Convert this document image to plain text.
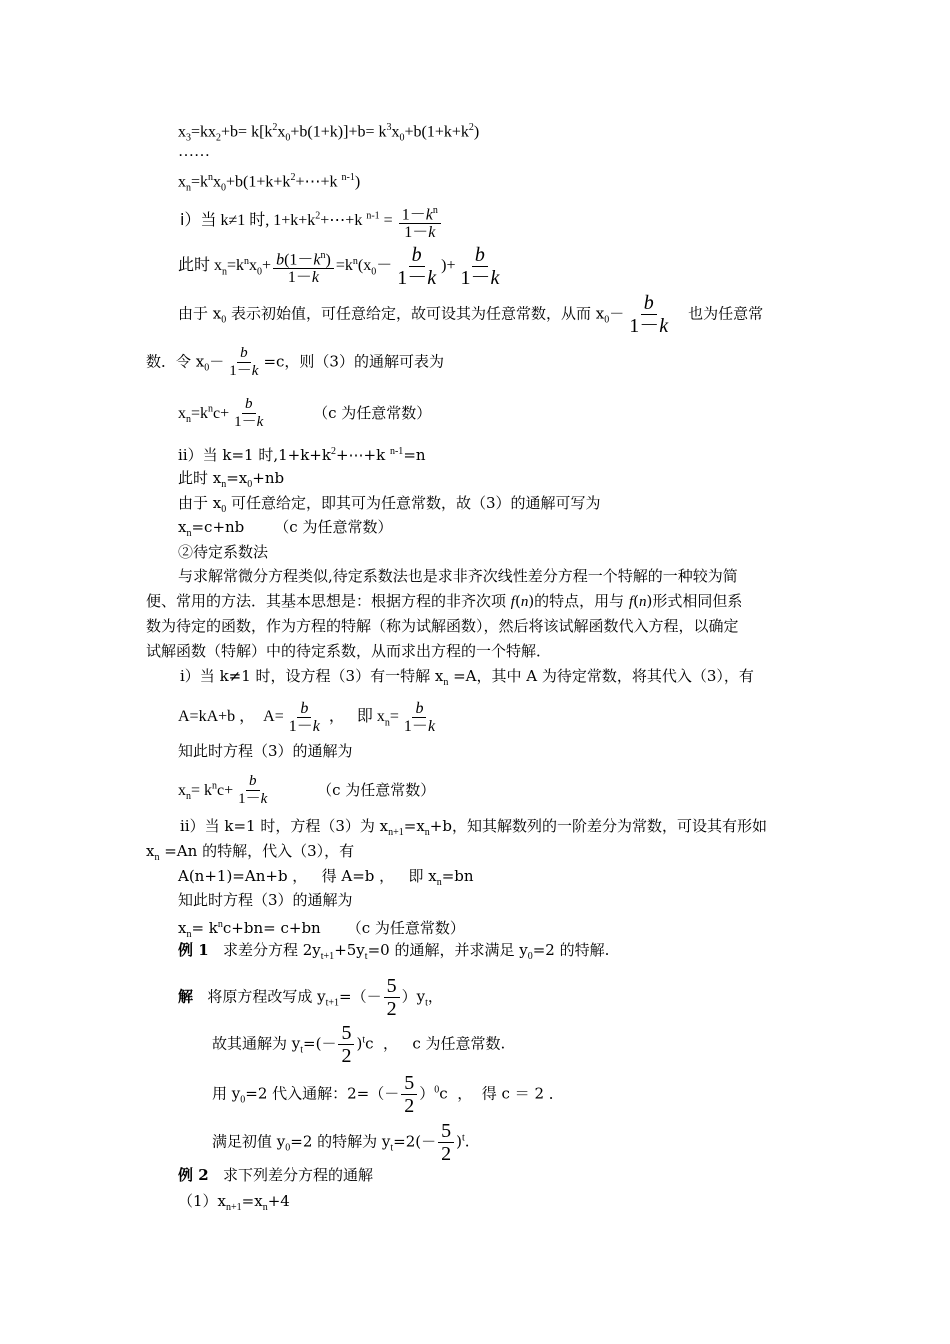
$x_3=kx_2+b= k[k^2x_0+b(1+k)]+b= k^3x_0+b(1+k+k^2)$
……
$x_n=k^nx_0+b(1+k+k^2+\cdots+k$ $^{n-1}$)
ⅰ）当 k≠1 时, $1+k+k^2+\cdots+k$ $^{n-1} = \frac{1-k^n}{1-k}$
此时 $x_n=k^nx_0+ \frac{b(1-k^n)}{1-k} =k^n(x_0- \frac{b}{1-k}$ )+ $\frac{b}{1-k}$
由于 $x_0$ 表示初始值，可任意给定，故可设其为任意常数，从而 $x_0- \frac{b}{1-k}$ 　也为任意常
数．令 $x_0- \frac{b}{1-k} =c$，则（3）的通解可表为
$x_n=k^nc+ \frac{b}{1-k}$	（c 为任意常数）
ⅱ）当 k=1 时$,1+k+k^2+\cdots+k$ $^{n-1}$=n
此时 $x_n=x_0+nb$
由于 $x_0$ 可任意给定，即其可为任意常数，故（3）的通解可写为
$x_n=c+nb$ （c 为任意常数）
②待定系数法
与求解常微分方程类似,待定系数法也是求非齐次线性差分方程一个特解的一种较为简
便、常用的方法．其基本思想是：根据方程的非齐次项 f(n)的特点，用与 f(n)形式相同但系
数为待定的函数，作为方程的特解（称为试解函数），然后将该试解函数代入方程，以确定
试解函数（特解）中的待定系数，从而求出方程的一个特解．
ⅰ）当 k≠1 时，设方程（3）有一特解 $x_n =A$，其中 A 为待定常数，将其代入（3），有
A=kA+b ，  $A= \frac{b}{1-k}$ ，   即 $x_n= \frac{b}{1-k}$
知此时方程（3）的通解为
$x_n= k^nc+ \frac{b}{1-k}$	（c 为任意常数）
ⅱ）当 k=1 时，方程（3）为 $x_{n+1}=x_n+b$，知其解数列的一阶差分为常数，可设其有形如
$x_n =An$ 的特解，代入（3），有
A(n+1)=An+b ，   得 A=b ，   即 $x_n=bn$
知此时方程（3）的通解为
$x_n= k^nc+bn= c+bn$ （c 为任意常数）
例 1   求差分方程 $2y_{t+1}+5y_t=0$ 的通解，并求满足 $y_0=2$ 的特解.
解   将原方程改写成 $y_{t+1}=(- \frac{5}{2} )y_t$，
故其通解为 $y_t=(- \frac{5}{2} )^tc$  ，   c 为任意常数.
用 $y_0=2$ 代入通解：$2=(- \frac{5}{2} )^0c$  ，  得 c ＝ 2 ．
满足初值 $y_0=2$ 的特解为 $y_t=2(- \frac{5}{2} )^t$.
例 2 求下列差分方程的通解
$(1)x_{n+1}=x_n+4$
